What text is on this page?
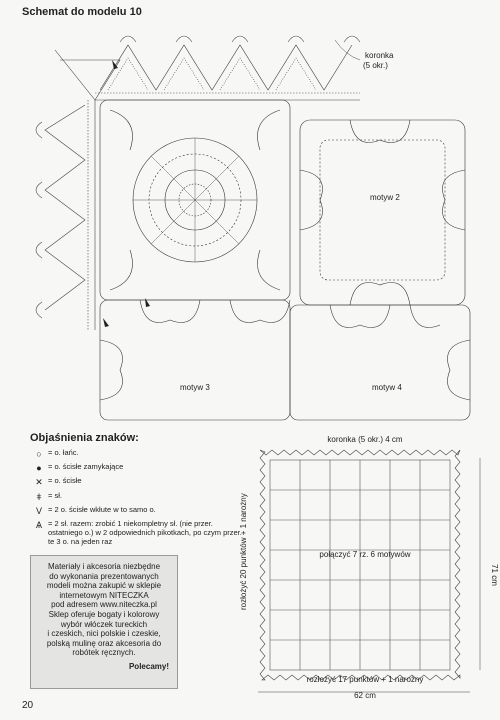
Schemat do modelu 10
koronka
(5 okr.)
motyw 2
motyw 3	motyw 4
Objaśnienia znaków:
○ = o. łańc.
● = o. ścisłe zamykające
✕ = o. ścisłe
ǂ = sł.
V = 2 o. ścisłe wkłute w to samo o.
Ѧ = 2 sł. razem: zrobić 1 niekompletny sł. (nie przer. ostatniego o.) w 2 odpowiednich pikotkach, po czym przer. te 3 o. na jeden raz
Materiały i akcesoria niezbędne
do wykonania prezentowanych
modeli można zakupić w sklepie
internetowym NITECZKA
pod adresem www.niteczka.pl
Sklep oferuje bogaty i kolorowy
wybór włóczek tureckich
i czeskich, nici polskie i czeskie,
polską mulinę oraz akcesoria do
robótek ręcznych.
Polecamy!
20
koronka (5 okr.) 4 cm
połączyć 7 rz. 6 motywów
rozłożyć 20 punktów + 1 narożny
rozłożyć 17 punktów + 1 narożny
62 cm
71 cm
